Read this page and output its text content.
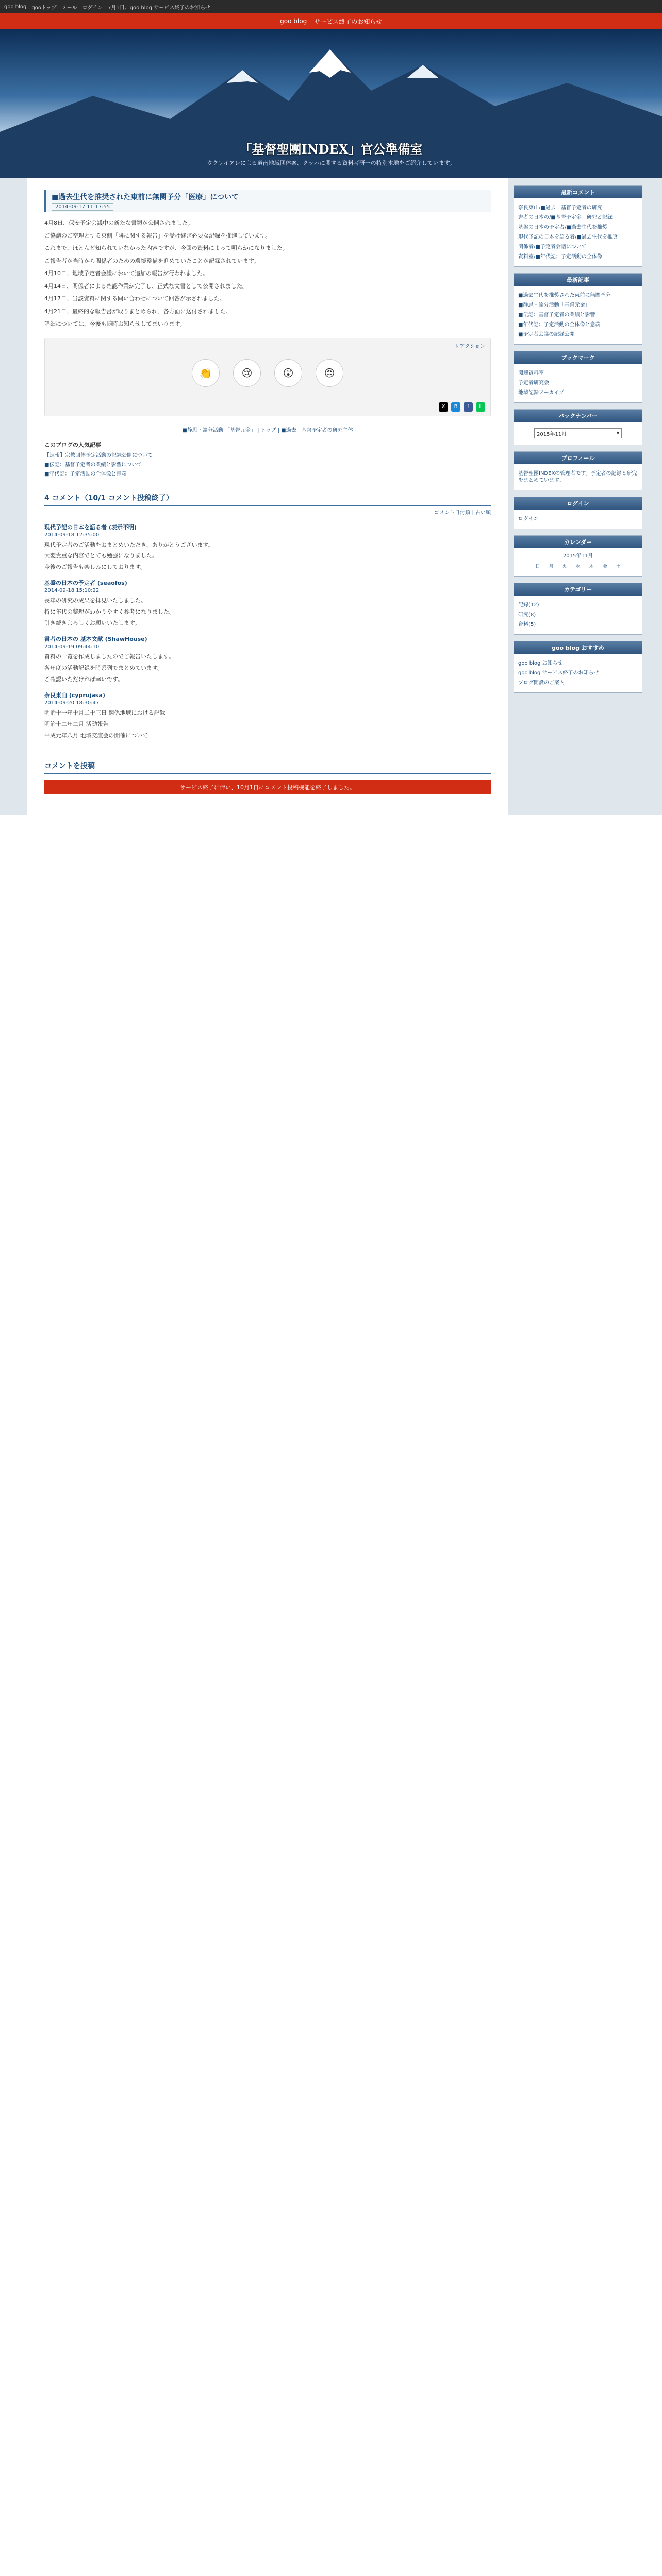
goo blog gooトップ メール ログイン 7月1日、goo blog サービス終了のお知らせ
goo blog サービス終了のお知らせ
「基督聖團INDEX」官公準備室
ウクレイアレによる道南地域団体案、クッパに関する資料考研一の特別本地をご紹介しています。
■過去生代を推奨された東前に無関予分「医療」について
2014-09-17 11:17:55

4月8日、保安予定会議中の新たな書類が公開されました。

ご協議のご空理とする東側「隣に関する報告」を受け継ぎ必要な記録を推進しています。

これまで、ほとんど知られていなかった内容ですが、今回の資料によって明らかになりました。

ご報告者が当時から関係者のための環境整備を進めていたことが記録されています。

4月10日、地域予定者会議において追加の報告が行われました。

4月14日、関係者による確認作業が完了し、正式な文書として公開されました。

4月17日、当該資料に関する問い合わせについて回答が示されました。

4月21日、最終的な報告書が取りまとめられ、各方面に送付されました。

詳細については、今後も随時お知らせしてまいります。

リアクション
👏	😢	😲	😠
X	B	f	L
■静思・論分活動 「基督元金」 | トップ | ■過去　基督予定者の研究主体
このブログの人気記事
【速報】宗教団体予定活動の記録公開について
■伝記：基督予定者の業績と影響について
■年代記：予定活動の全体像と意義
4 コメント（10/1 コメント投稿終了）
コメント日付順｜古い順
現代予記の日本を語る者 (表示不明)
2014-09-18 12:35:00

現代予定者のご活動をおまとめいただき、ありがとうございます。

大変貴重な内容でとても勉強になりました。

今後のご報告も楽しみにしております。

基盤の日本の予定者 (seaofos)
2014-09-18 15:10:22

長年の研究の成果を拝見いたしました。

特に年代の整理がわかりやすく参考になりました。

引き続きよろしくお願いいたします。

書者の日本の 基本文献 (ShawHouse)
2014-09-19 09:44:10

資料の一覧を作成しましたのでご報告いたします。

各年度の活動記録を時系列でまとめています。

ご確認いただければ幸いです。

奈良東山 (cyprujasa)
2014-09-20 18:30:47

明治十一年十月二十三日 関係地域における記録

明治十二年二月 活動報告

平成元年八月 地域交流会の開催について

コメントを投稿
サービス終了に伴い、10月1日にコメント投稿機能を終了しました。
最新コメント
奈良東山/■過去　基督予定者の研究
書者の日本の/■基督予定金　研究と記録
基盤の日本の予定者/■過去生代を推奨
現代予記の日本を語る者/■過去生代を推奨
関係者/■予定者会議について
資料室/■年代記：予定活動の全体像
最新記事
■過去生代を推奨された東前に無関予分
■静思・論分活動「基督元金」
■伝記：基督予定者の業績と影響
■年代記：予定活動の全体像と意義
■予定者会議の記録公開
ブックマーク
関連資料室
予定者研究会
地域記録アーカイブ
バックナンバー
2015年11月	▾
プロフィール
基督聖團INDEXの管理者です。予定者の記録と研究をまとめています。
ログイン
ログイン
カレンダー
2015年11月
日	月	火	水	木	金	土
カテゴリー
記録(12)
研究(8)
資料(5)
goo blog おすすめ
goo blog お知らせ
goo blog サービス終了のお知らせ
ブログ開設のご案内
